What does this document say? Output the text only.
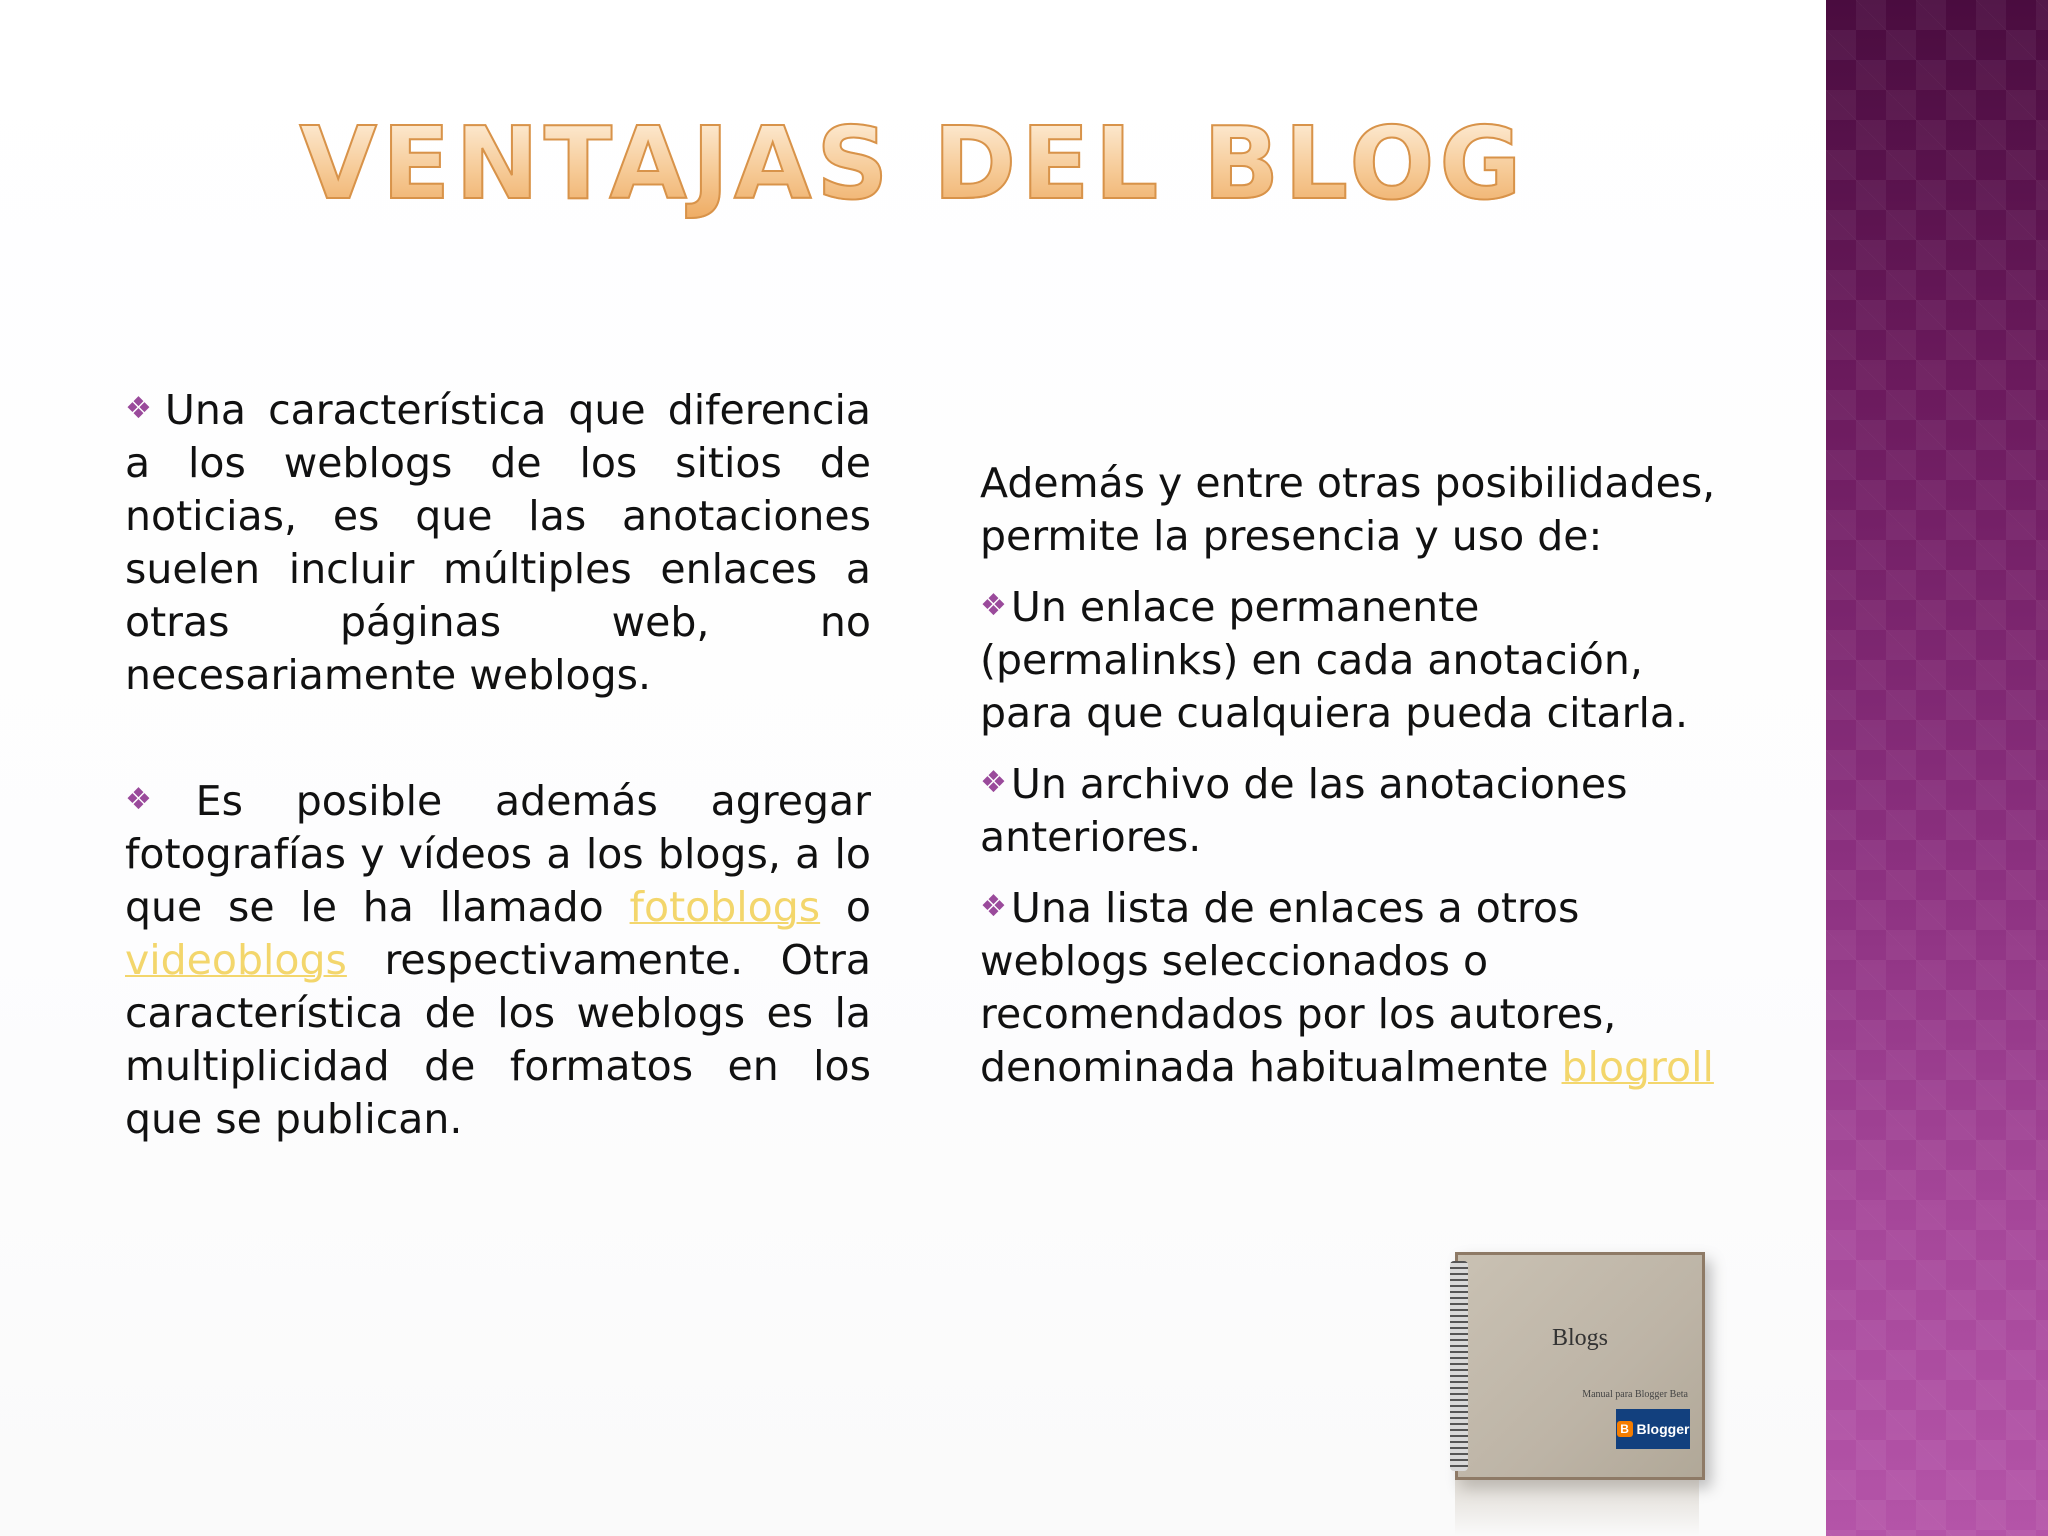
VENTAJAS DEL BLOG

❖Una característica que diferencia a los weblogs de los sitios de noticias, es que las anotaciones suelen incluir múltiples enlaces a otras páginas web, no necesariamente weblogs.

❖Es posible además agregar fotografías y vídeos a los blogs, a lo que se le ha llamado fotoblogs o videoblogs respectivamente. Otra característica de los weblogs es la multiplicidad de formatos en los que se publican.

Además y entre otras posibilidades, permite la presencia y uso de:

❖Un enlace permanente (permalinks) en cada anotación, para que cualquiera pueda citarla.

❖Un archivo de las anotaciones anteriores.

❖Una lista de enlaces a otros weblogs seleccionados o recomendados por los autores, denominada habitualmente blogroll

Blogs
Manual para Blogger Beta
B Blogger
